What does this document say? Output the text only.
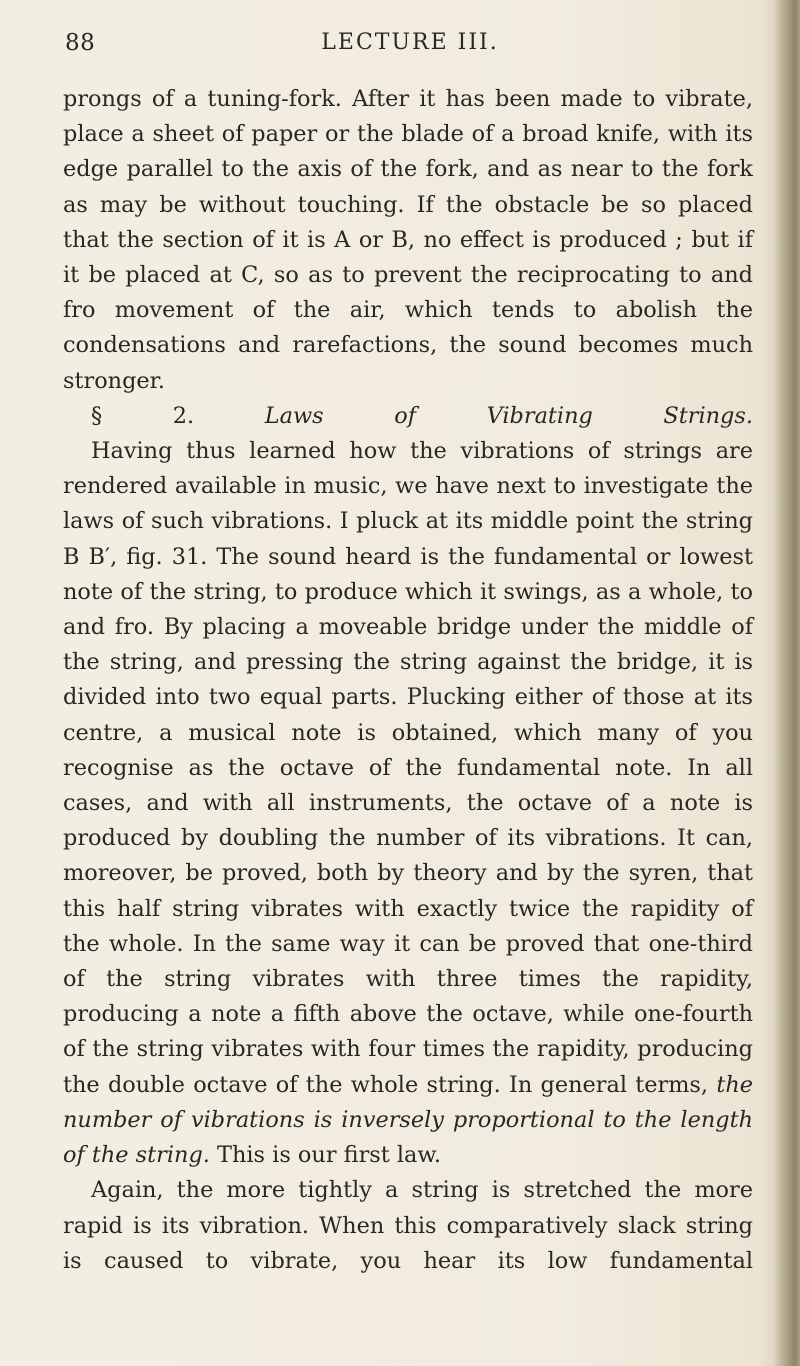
88	LECTURE III.

prongs of a tuning-fork. After it has been made to vibrate, place a sheet of paper or the blade of a broad knife, with its edge parallel to the axis of the fork, and as near to the fork as may be without touching. If the obstacle be so placed that the section of it is A or B, no effect is produced ; but if it be placed at C, so as to prevent the reciprocating to and fro movement of the air, which tends to abolish the condensations and rarefactions, the sound becomes much stronger.

§ 2.	Laws of Vibrating Strings.

Having thus learned how the vibrations of strings are rendered available in music, we have next to investigate the laws of such vibrations. I pluck at its middle point the string B B′, fig. 31. The sound heard is the fundamental or lowest note of the string, to produce which it swings, as a whole, to and fro. By placing a moveable bridge under the middle of the string, and pressing the string against the bridge, it is divided into two equal parts. Plucking either of those at its centre, a musical note is obtained, which many of you recognise as the octave of the fundamental note. In all cases, and with all instruments, the octave of a note is produced by doubling the number of its vibrations. It can, moreover, be proved, both by theory and by the syren, that this half string vibrates with exactly twice the rapidity of the whole. In the same way it can be proved that one-third of the string vibrates with three times the rapidity, producing a note a fifth above the octave, while one-fourth of the string vibrates with four times the rapidity, producing the double octave of the whole string. In general terms, the number of vibrations is inversely proportional to the length of the string. This is our first law.

Again, the more tightly a string is stretched the more rapid is its vibration. When this comparatively slack string is caused to vibrate, you hear its low fundamental
